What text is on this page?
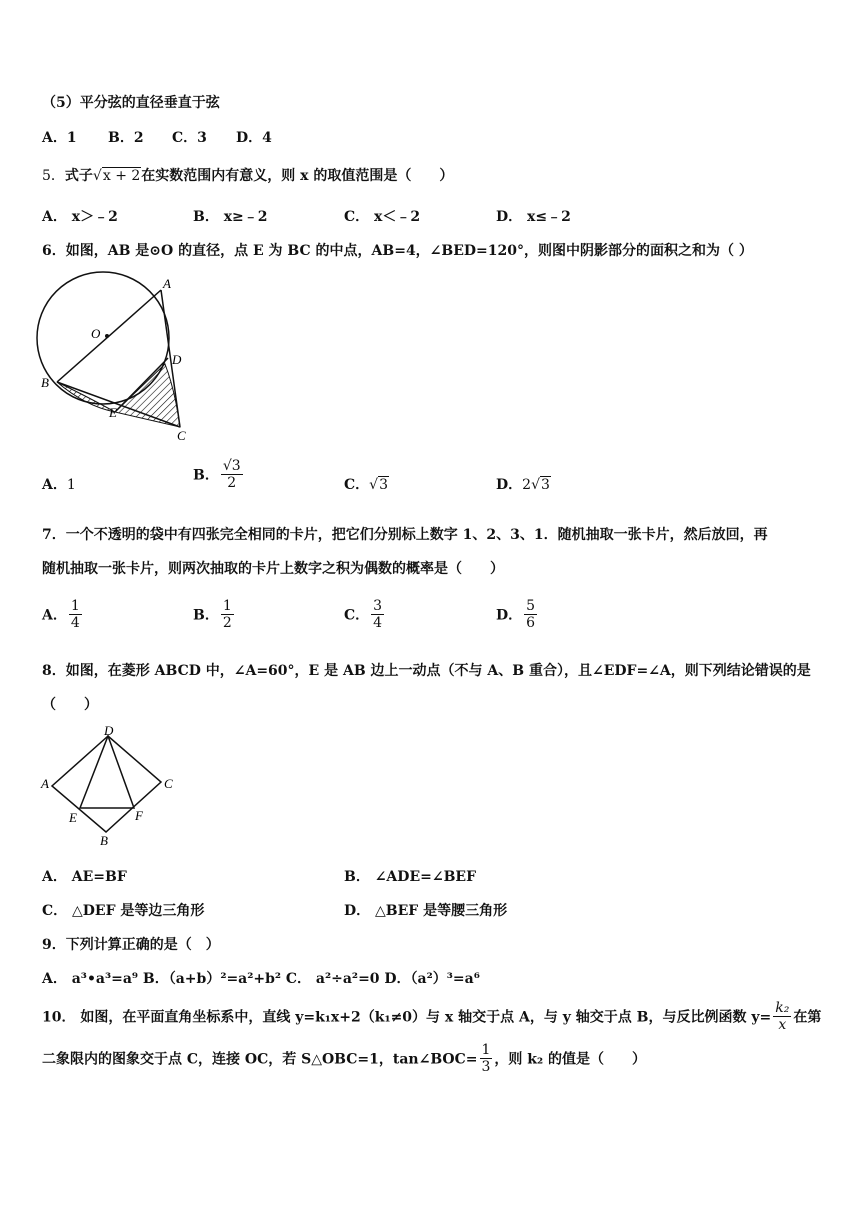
（5）平分弦的直径垂直于弦
A．1 B．2 C．3 D．4
5．式子√x + 2在实数范围内有意义，则 x 的取值范围是（　　）
A． x＞﹣2	B． x≥﹣2	C． x＜﹣2	D． x≤﹣2
6．如图，AB 是⊙O 的直径，点 E 为 BC 的中点，AB=4，∠BED=120°，则图中阴影部分的面积之和为（ ）
A
O
D
B
E
C
A．1
B． $\frac{√3}{2}$	C．√3	D．2√3
7．一个不透明的袋中有四张完全相同的卡片，把它们分别标上数字 1、2、3、1．随机抽取一张卡片，然后放回，再
随机抽取一张卡片，则两次抽取的卡片上数字之积为偶数的概率是（　　）
A． $\frac{1}{4}$	B． $\frac{1}{2}$	C． $\frac{3}{4}$	D． $\frac{5}{6}$
8．如图，在菱形 ABCD 中，∠A=60°，E 是 AB 边上一动点（不与 A、B 重合），且∠EDF=∠A，则下列结论错误的是
（　　）
D
A	C
E	F
B
A． AE=BF	B． ∠ADE=∠BEF
C． △DEF 是等边三角形	D． △BEF 是等腰三角形
9．下列计算正确的是（　）
A． a³•a³=a⁹ B．（a+b）²=a²+b² C． a²÷a²=0 D．（a²）³=a⁶
10． 如图，在平面直角坐标系中，直线 y=k₁x+2（k₁≠0）与 x 轴交于点 A，与 y 轴交于点 B，与反比例函数 $y= \frac{\text{k₂}}{x}$ 在第
二象限内的图象交于点 C，连接 OC，若 S△OBC=1，tan∠BOC= $\frac{1}{3}$ ，则 k₂ 的值是（　　）
